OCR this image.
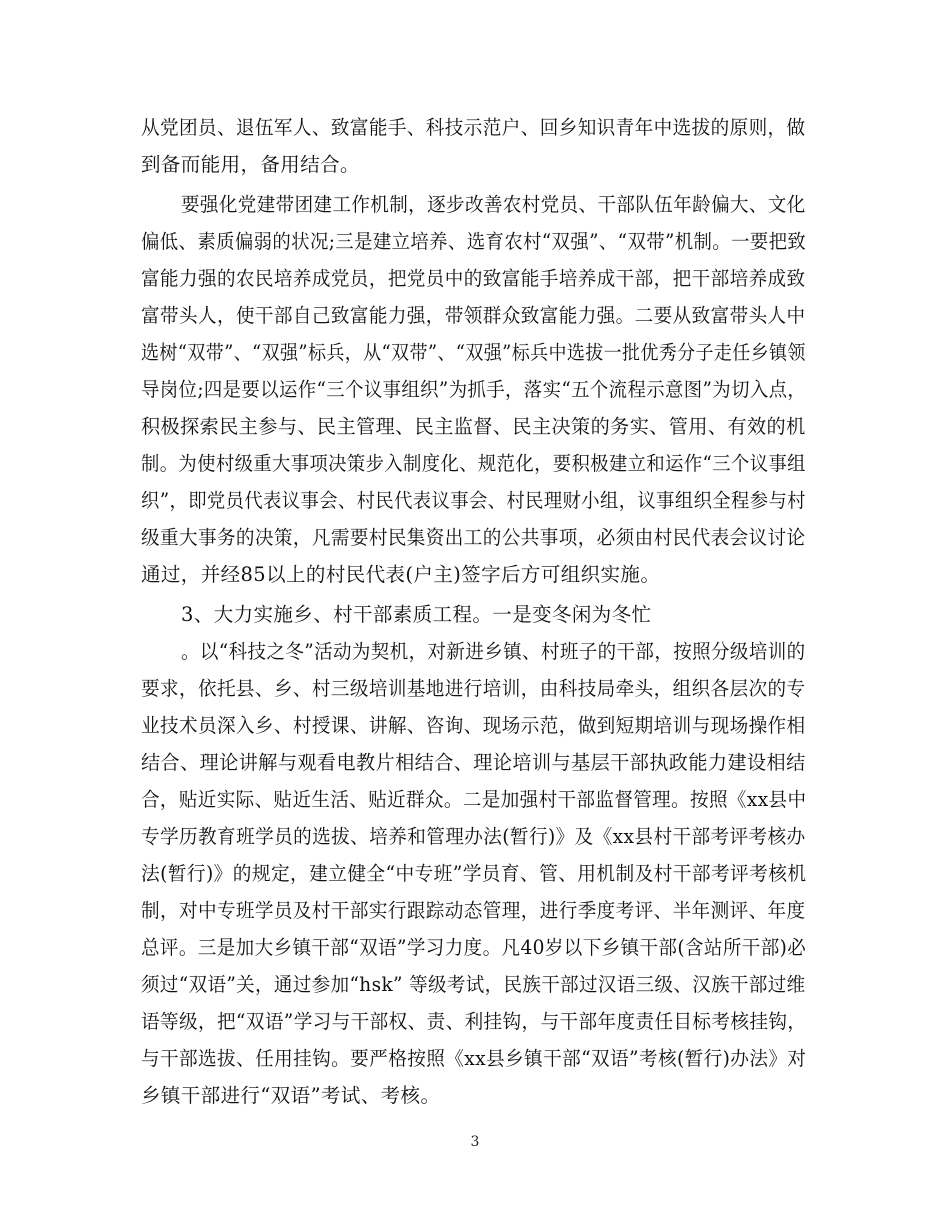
从党团员、退伍军人、致富能手、科技示范户、回乡知识青年中选拔的原则，做
到备而能用，备用结合。
要强化党建带团建工作机制，逐步改善农村党员、干部队伍年龄偏大、文化
偏低、素质偏弱的状况;三是建立培养、选育农村“双强”、“双带”机制。一要把致
富能力强的农民培养成党员，把党员中的致富能手培养成干部，把干部培养成致
富带头人，使干部自己致富能力强，带领群众致富能力强。二要从致富带头人中
选树“双带”、“双强”标兵，从“双带”、“双强”标兵中选拔一批优秀分子走任乡镇领
导岗位;四是要以运作“三个议事组织”为抓手，落实“五个流程示意图”为切入点，
积极探索民主参与、民主管理、民主监督、民主决策的务实、管用、有效的机
制。为使村级重大事项决策步入制度化、规范化，要积极建立和运作“三个议事组
织”，即党员代表议事会、村民代表议事会、村民理财小组，议事组织全程参与村
级重大事务的决策，凡需要村民集资出工的公共事项，必须由村民代表会议讨论
通过，并经85以上的村民代表(户主)签字后方可组织实施。
3、大力实施乡、村干部素质工程。一是变冬闲为冬忙
。以“科技之冬”活动为契机，对新进乡镇、村班子的干部，按照分级培训的
要求，依托县、乡、村三级培训基地进行培训，由科技局牵头，组织各层次的专
业技术员深入乡、村授课、讲解、咨询、现场示范，做到短期培训与现场操作相
结合、理论讲解与观看电教片相结合、理论培训与基层干部执政能力建设相结
合，贴近实际、贴近生活、贴近群众。二是加强村干部监督管理。按照《xx县中
专学历教育班学员的选拔、培养和管理办法(暂行)》及《xx县村干部考评考核办
法(暂行)》的规定，建立健全“中专班”学员育、管、用机制及村干部考评考核机
制，对中专班学员及村干部实行跟踪动态管理，进行季度考评、半年测评、年度
总评。三是加大乡镇干部“双语”学习力度。凡40岁以下乡镇干部(含站所干部)必
须过“双语”关，通过参加“hsk” 等级考试，民族干部过汉语三级、汉族干部过维
语等级，把“双语”学习与干部权、责、利挂钩，与干部年度责任目标考核挂钩，
与干部选拔、任用挂钩。要严格按照《xx县乡镇干部“双语”考核(暂行)办法》对
乡镇干部进行“双语”考试、考核。
3
